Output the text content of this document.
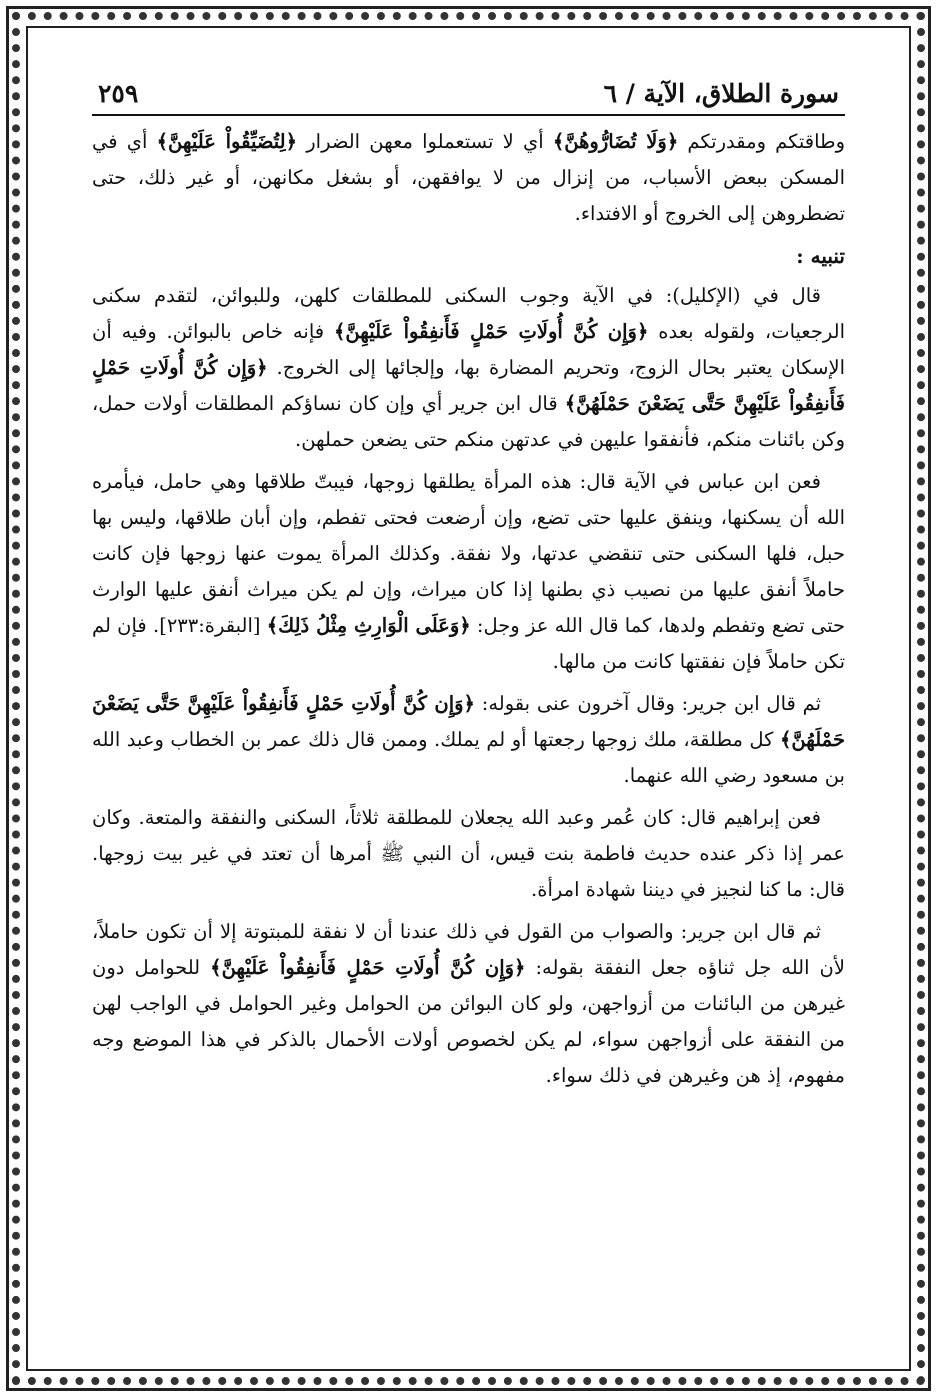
سورة الطلاق، الآية / ٦
٢٥٩

وطاقتكم ومقدرتكم ﴿وَلَا تُضَارُّوهُنَّ﴾ أي لا تستعملوا معهن الضرار ﴿لِتُضَيِّقُواْ عَلَيْهِنَّ﴾ أي في المسكن ببعض الأسباب، من إنزال من لا يوافقهن، أو بشغل مكانهن، أو غير ذلك، حتى تضطروهن إلى الخروج أو الافتداء.

تنبيه :

قال في (الإكليل): في الآية وجوب السكنى للمطلقات كلهن، وللبوائن، لتقدم سكنى الرجعيات، ولقوله بعده ﴿وَإِن كُنَّ أُولَاتِ حَمْلٍ فَأَنفِقُواْ عَلَيْهِنَّ﴾ فإنه خاص بالبوائن. وفيه أن الإسكان يعتبر بحال الزوج، وتحريم المضارة بها، وإلجائها إلى الخروج. ﴿وَإِن كُنَّ أُولَاتِ حَمْلٍ فَأَنفِقُواْ عَلَيْهِنَّ حَتَّى يَضَعْنَ حَمْلَهُنَّ﴾ قال ابن جرير أي وإن كان نساؤكم المطلقات أولات حمل، وكن بائنات منكم، فأنفقوا عليهن في عدتهن منكم حتى يضعن حملهن.

فعن ابن عباس في الآية قال: هذه المرأة يطلقها زوجها، فيبتّ طلاقها وهي حامل، فيأمره الله أن يسكنها، وينفق عليها حتى تضع، وإن أرضعت فحتى تفطم، وإن أبان طلاقها، وليس بها حبل، فلها السكنى حتى تنقضي عدتها، ولا نفقة. وكذلك المرأة يموت عنها زوجها فإن كانت حاملاً أنفق عليها من نصيب ذي بطنها إذا كان ميراث، وإن لم يكن ميراث أنفق عليها الوارث حتى تضع وتفطم ولدها، كما قال الله عز وجل: ﴿وَعَلَى الْوَارِثِ مِثْلُ ذَلِكَ﴾ [البقرة:٢٣٣]. فإن لم تكن حاملاً فإن نفقتها كانت من مالها.

ثم قال ابن جرير: وقال آخرون عنى بقوله: ﴿وَإِن كُنَّ أُولَاتِ حَمْلٍ فَأَنفِقُواْ عَلَيْهِنَّ حَتَّى يَضَعْنَ حَمْلَهُنَّ﴾ كل مطلقة، ملك زوجها رجعتها أو لم يملك. وممن قال ذلك عمر بن الخطاب وعبد الله بن مسعود رضي الله عنهما.

فعن إبراهيم قال: كان عُمر وعبد الله يجعلان للمطلقة ثلاثاً، السكنى والنفقة والمتعة. وكان عمر إذا ذكر عنده حديث فاطمة بنت قيس، أن النبي ﷺ أمرها أن تعتد في غير بيت زوجها. قال: ما كنا لنجيز في ديننا شهادة امرأة.

ثم قال ابن جرير: والصواب من القول في ذلك عندنا أن لا نفقة للمبتوتة إلا أن تكون حاملاً، لأن الله جل ثناؤه جعل النفقة بقوله: ﴿وَإِن كُنَّ أُولَاتِ حَمْلٍ فَأَنفِقُواْ عَلَيْهِنَّ﴾ للحوامل دون غيرهن من البائنات من أزواجهن، ولو كان البوائن من الحوامل وغير الحوامل في الواجب لهن من النفقة على أزواجهن سواء، لم يكن لخصوص أولات الأحمال بالذكر في هذا الموضع وجه مفهوم، إذ هن وغيرهن في ذلك سواء.
